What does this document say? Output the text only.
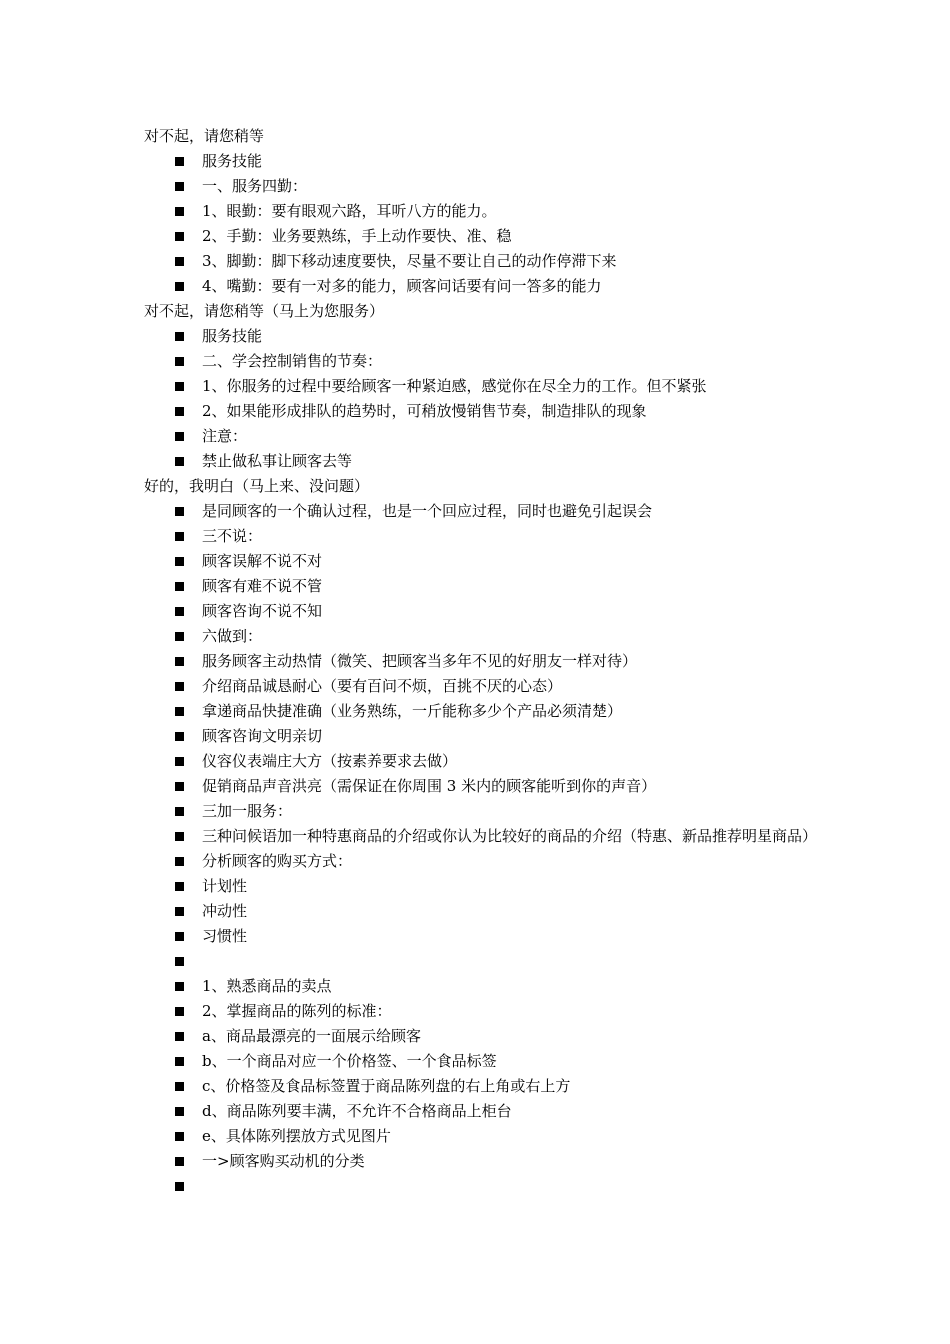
对不起，请您稍等
服务技能
一、服务四勤：
1、眼勤：要有眼观六路，耳听八方的能力。
2、手勤：业务要熟练，手上动作要快、准、稳
3、脚勤：脚下移动速度要快，尽量不要让自己的动作停滞下来
4、嘴勤：要有一对多的能力，顾客问话要有问一答多的能力
对不起，请您稍等（马上为您服务）
服务技能
二、学会控制销售的节奏：
1、你服务的过程中要给顾客一种紧迫感，感觉你在尽全力的工作。但不紧张
2、如果能形成排队的趋势时，可稍放慢销售节奏，制造排队的现象
注意：
禁止做私事让顾客去等
好的，我明白（马上来、没问题）
是同顾客的一个确认过程，也是一个回应过程，同时也避免引起误会
三不说：
顾客误解不说不对
顾客有难不说不管
顾客咨询不说不知
六做到：
服务顾客主动热情（微笑、把顾客当多年不见的好朋友一样对待）
介绍商品诚恳耐心（要有百问不烦，百挑不厌的心态）
拿递商品快捷准确（业务熟练，一斤能称多少个产品必须清楚）
顾客咨询文明亲切
仪容仪表端庄大方（按素养要求去做）
促销商品声音洪亮（需保证在你周围 3 米内的顾客能听到你的声音）
三加一服务：
三种问候语加一种特惠商品的介绍或你认为比较好的商品的介绍（特惠、新品推荐明星商品）
分析顾客的购买方式：
计划性
冲动性
习惯性
1、熟悉商品的卖点
2、掌握商品的陈列的标准：
a、商品最漂亮的一面展示给顾客
b、一个商品对应一个价格签、一个食品标签
c、价格签及食品标签置于商品陈列盘的右上角或右上方
d、商品陈列要丰满，不允许不合格商品上柜台
e、具体陈列摆放方式见图片
一>顾客购买动机的分类
